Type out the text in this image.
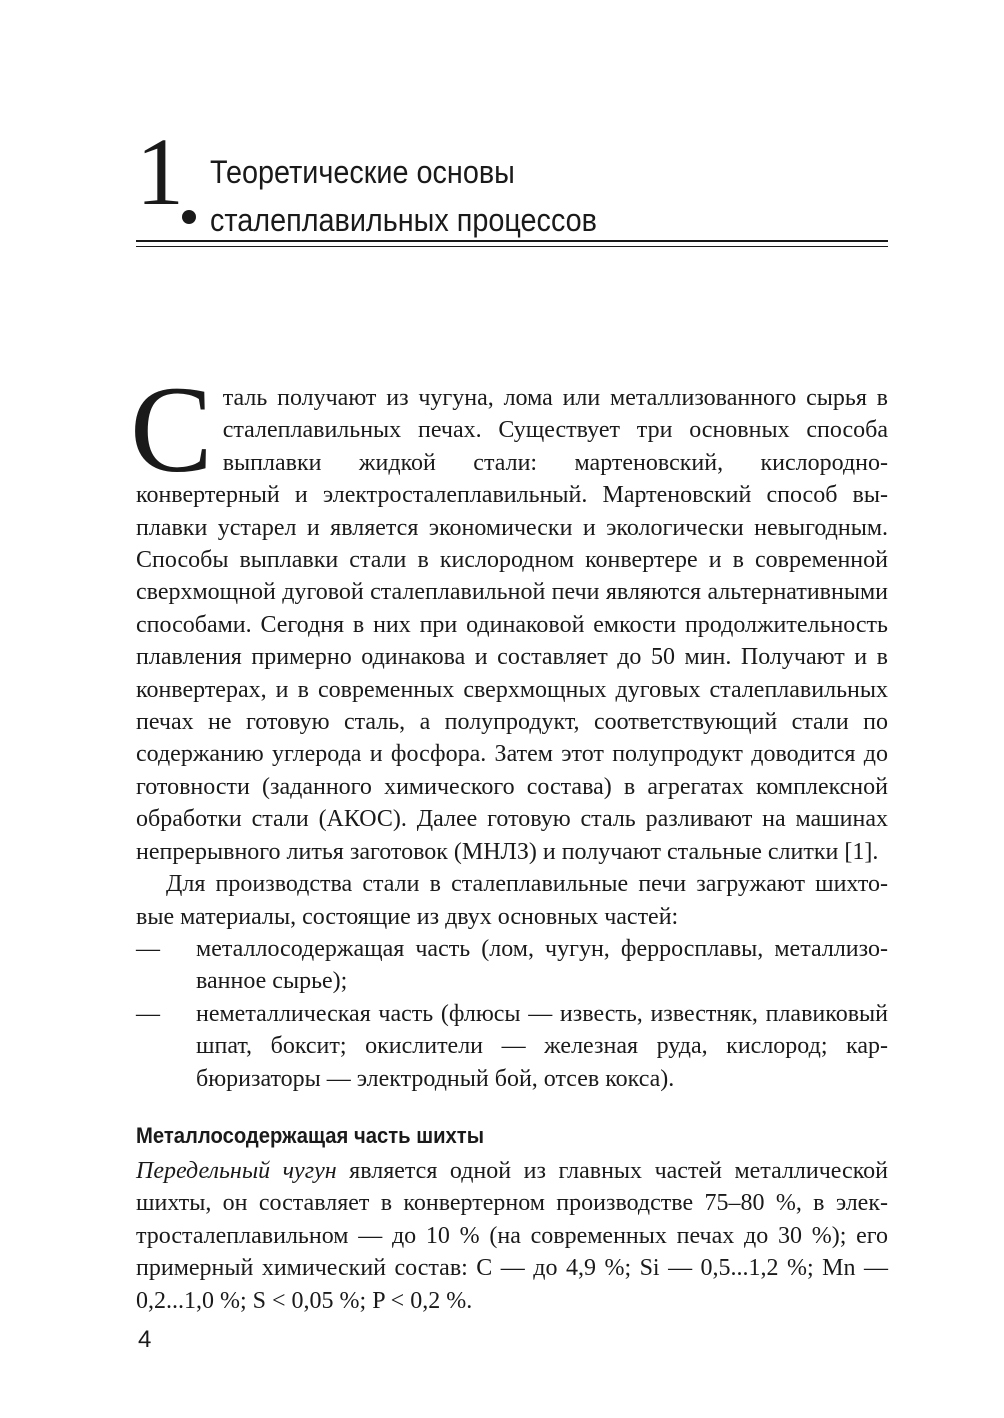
1 Теоретические основы
сталеплавильных процессов

Сталь получают из чугуна, лома или металлизованного сырья в сталеплавильных печах. Существует три основных способа выплавки жидкой стали: мартеновский, кислородно-конвертерный и электросталеплавильный. Мартеновский способ выплавки устарел и является экономически и экологически невыгодным. Способы выплавки стали в кислородном конвертере и в современной сверхмощной дуговой сталеплавильной печи являются альтернативными способами. Сегодня в них при одинаковой емкости продолжительность плавления примерно одинакова и составляет до 50 мин. Получают и в конвертерах, и в современных сверхмощных дуговых сталеплавильных печах не готовую сталь, а полупродукт, соответствующий стали по содержанию углерода и фосфора. Затем этот полупродукт доводится до готовности (заданного химического состава) в агрегатах комплексной обработки стали (АКОС). Далее готовую сталь разливают на машинах непрерывного литья заготовок (МНЛЗ) и получают стальные слитки [1].

Для производства стали в сталеплавильные печи загружают шихтовые материалы, состоящие из двух основных частей:

— металлосодержащая часть (лом, чугун, ферросплавы, металлизованное сырье);
— неметаллическая часть (флюсы — известь, известняк, плавиковый шпат, боксит; окислители — железная руда, кислород; карбюризаторы — электродный бой, отсев кокса).
Металлосодержащая часть шихты

Передельный чугун является одной из главных частей металлической шихты, он составляет в конвертерном производстве 75–80 %, в электросталеплавильном — до 10 % (на современных печах до 30 %); его примерный химический состав: C — до 4,9 %; Si — 0,5...1,2 %; Mn — 0,2...1,0 %; S < 0,05 %; P < 0,2 %.

4
